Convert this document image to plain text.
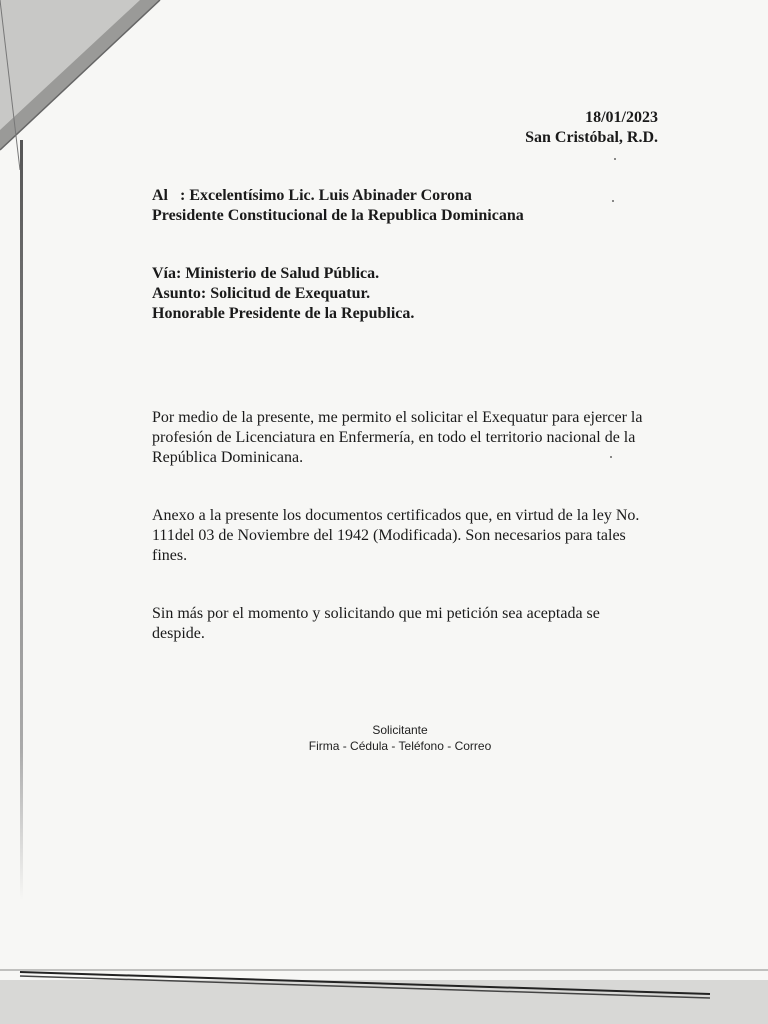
18/01/2023
San Cristóbal, R.D.
Al : Excelentísimo Lic. Luis Abinader Corona
Presidente Constitucional de la Republica Dominicana
Vía: Ministerio de Salud Pública.
Asunto: Solicitud de Exequatur.
Honorable Presidente de la Republica.
Por medio de la presente, me permito el solicitar el Exequatur para ejercer la
profesión de Licenciatura en Enfermería, en todo el territorio nacional de la
República Dominicana.
Anexo a la presente los documentos certificados que, en virtud de la ley No.
111del 03 de Noviembre del 1942 (Modificada). Son necesarios para tales
fines.
Sin más por el momento y solicitando que mi petición sea aceptada se
despide.
Solicitante
Firma - Cédula - Teléfono - Correo
